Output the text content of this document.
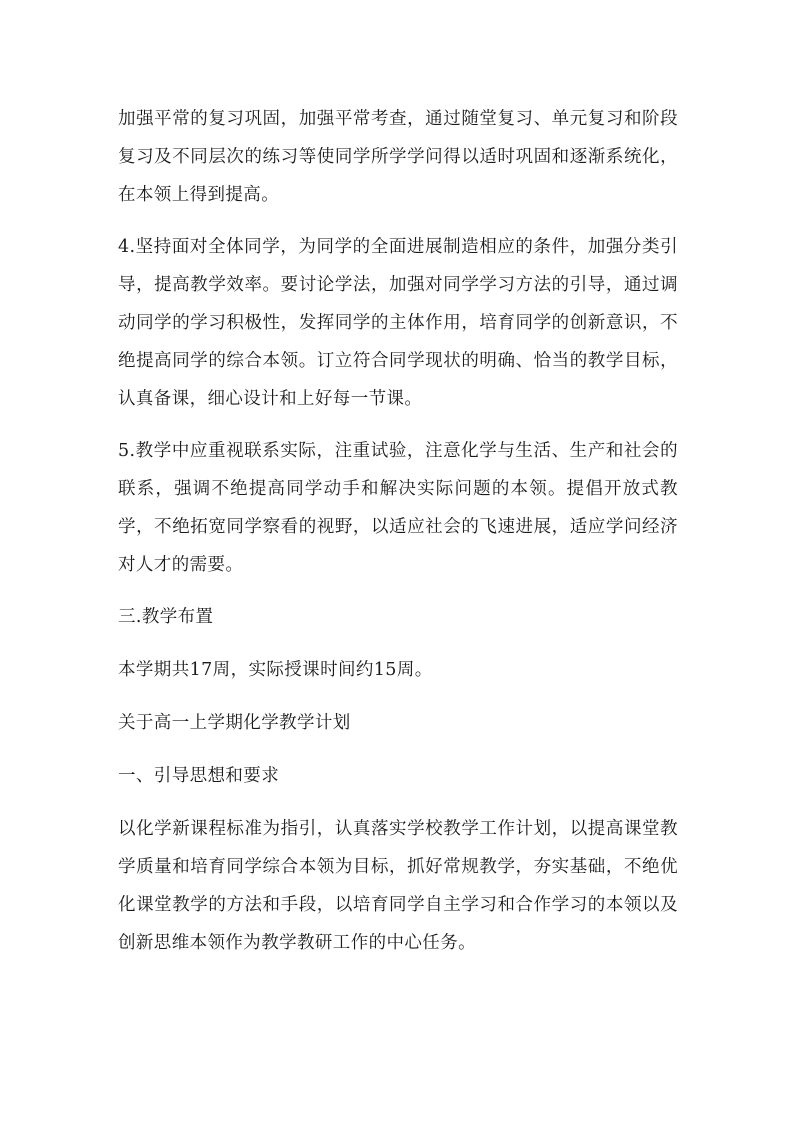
加强平常的复习巩固，加强平常考查，通过随堂复习、单元复习和阶段复习及不同层次的练习等使同学所学学问得以适时巩固和逐渐系统化，在本领上得到提高。

4.坚持面对全体同学，为同学的全面进展制造相应的条件，加强分类引导，提高教学效率。要讨论学法，加强对同学学习方法的引导，通过调动同学的学习积极性，发挥同学的主体作用，培育同学的创新意识，不绝提高同学的综合本领。订立符合同学现状的明确、恰当的教学目标，认真备课，细心设计和上好每一节课。

5.教学中应重视联系实际，注重试验，注意化学与生活、生产和社会的联系，强调不绝提高同学动手和解决实际问题的本领。提倡开放式教学，不绝拓宽同学察看的视野，以适应社会的飞速进展，适应学问经济对人才的需要。

三.教学布置

本学期共17周，实际授课时间约15周。

关于高一上学期化学教学计划

一、引导思想和要求

以化学新课程标准为指引，认真落实学校教学工作计划，以提高课堂教学质量和培育同学综合本领为目标，抓好常规教学，夯实基础，不绝优化课堂教学的方法和手段，以培育同学自主学习和合作学习的本领以及创新思维本领作为教学教研工作的中心任务。
